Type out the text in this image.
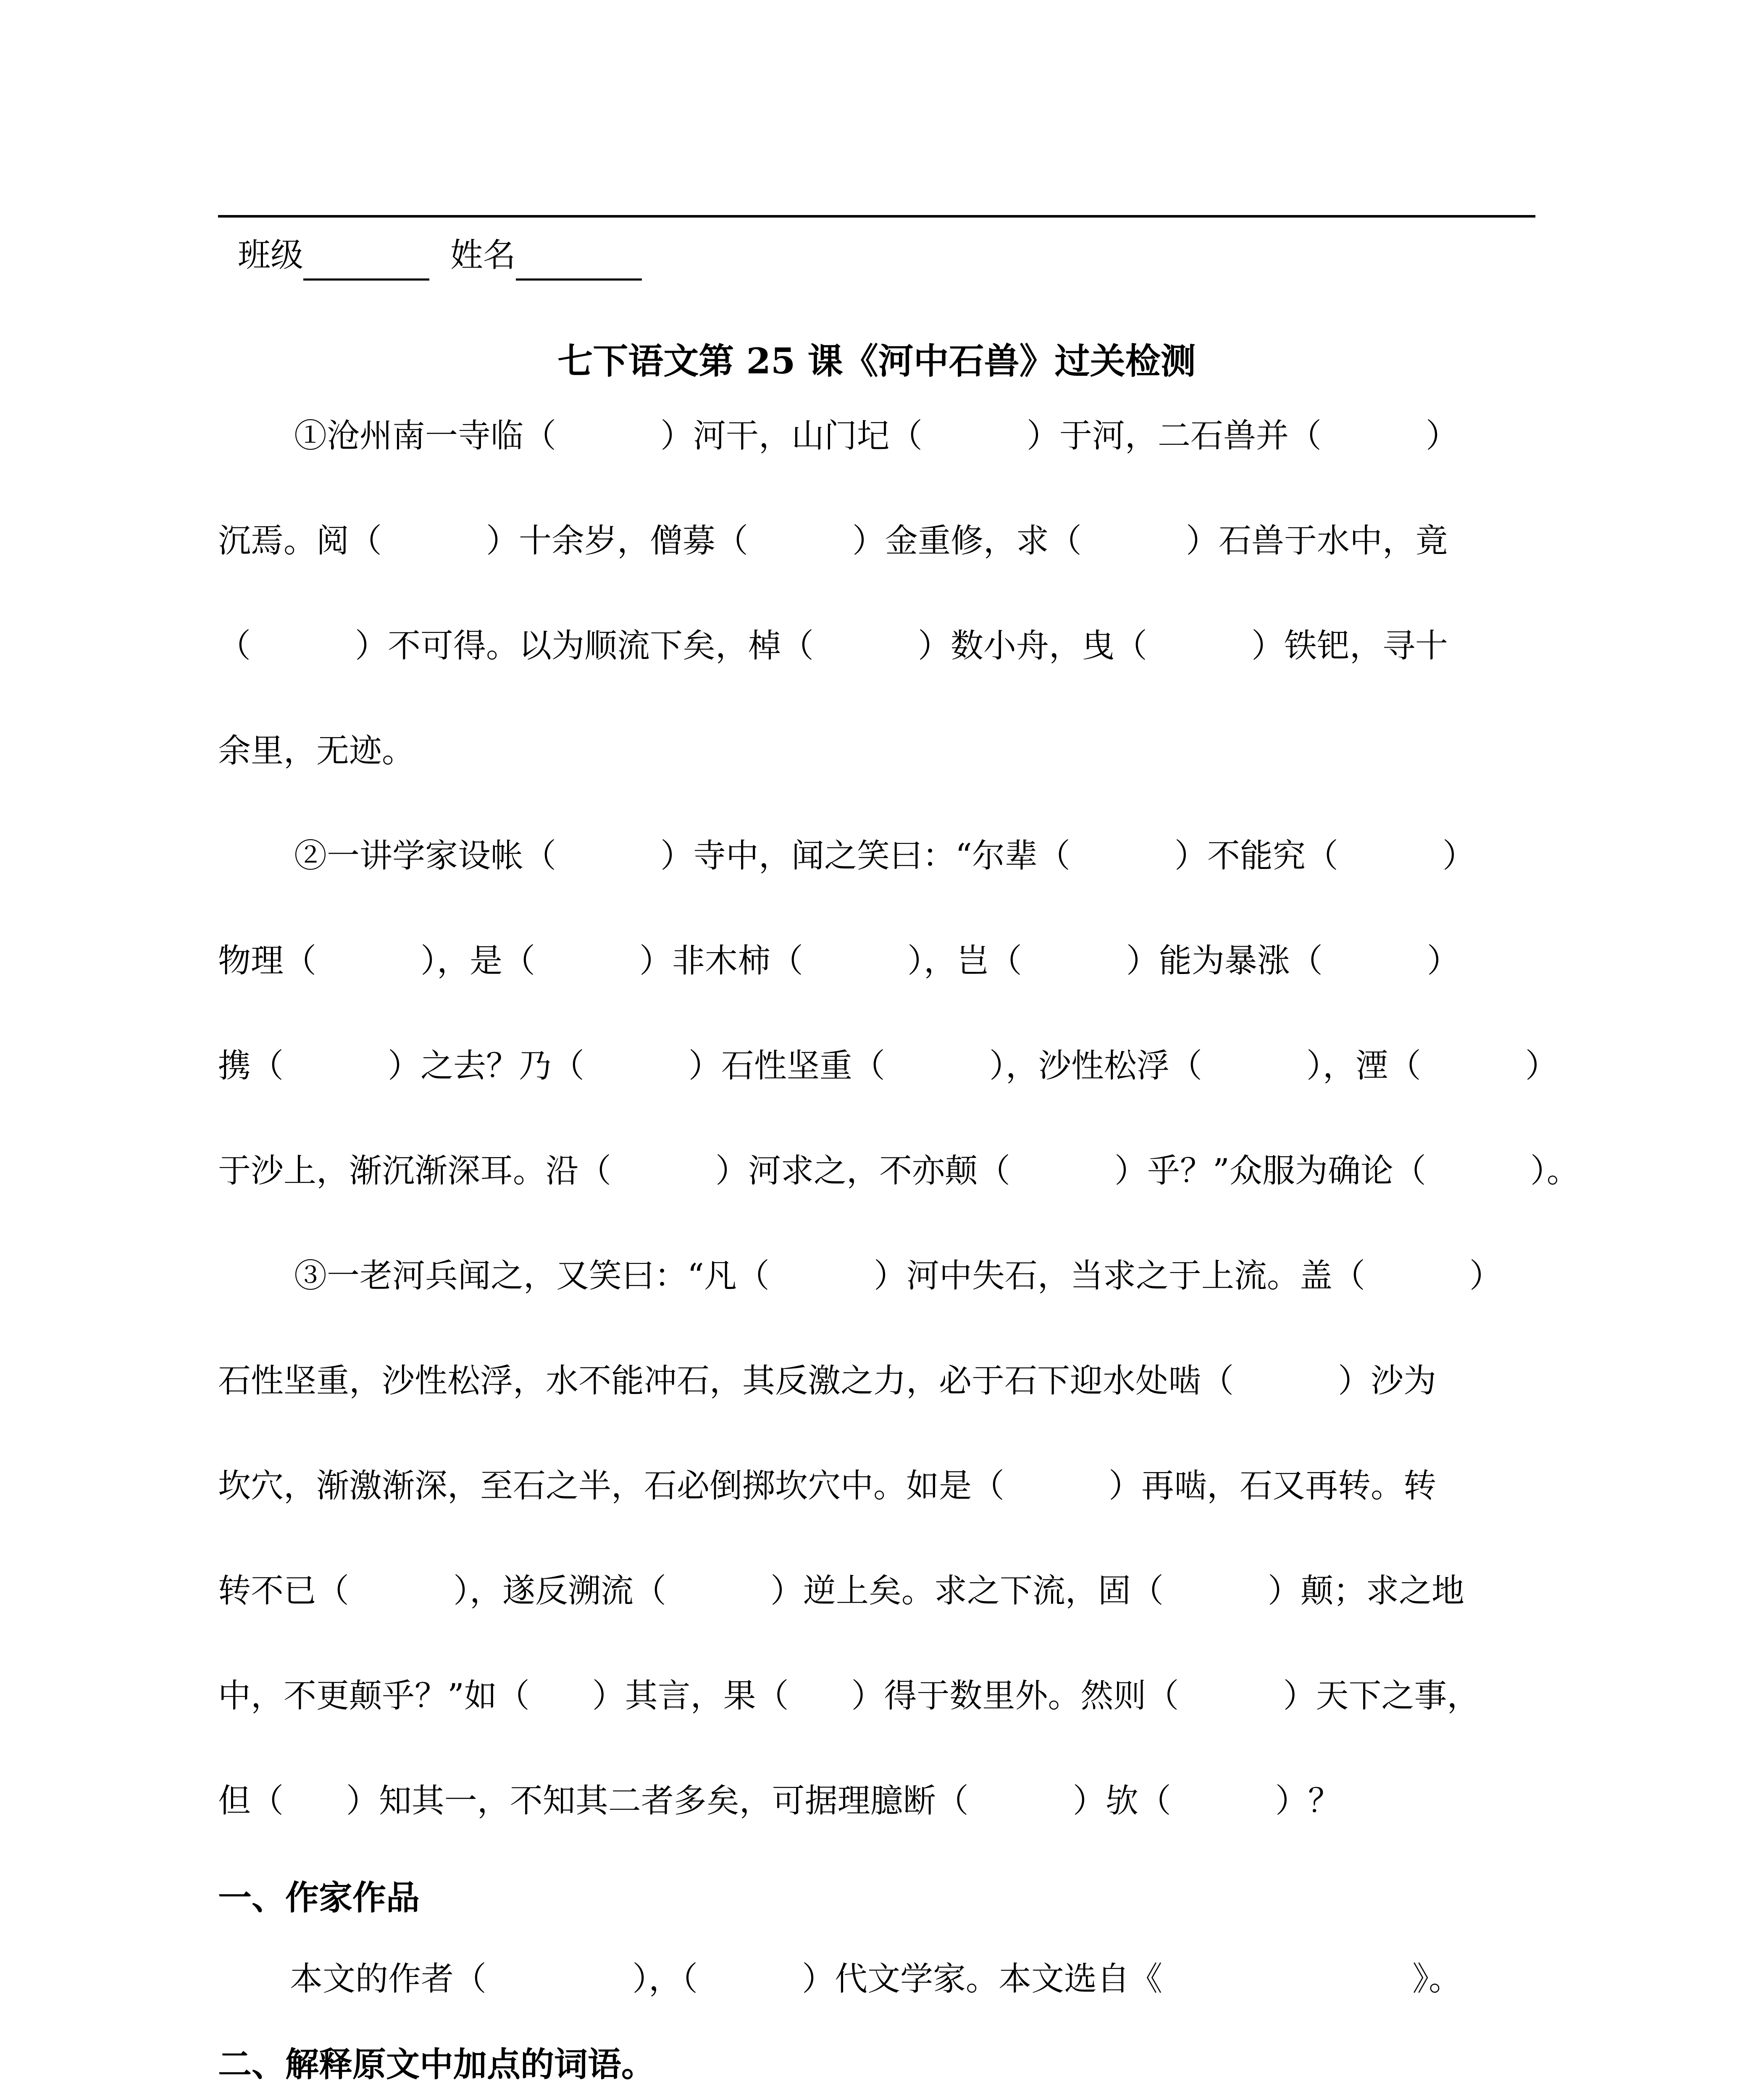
班级	姓名
七下语文第 25 课《河中石兽》过关检测
①沧州南一寺临（          ）河干，山门圮（          ）于河，二石兽并（          ）
沉焉。阅（          ）十余岁，僧募（          ）金重修，求（          ）石兽于水中，竟
（          ）不可得。以为顺流下矣，棹（          ）数小舟，曳（          ）铁钯，寻十
余里，无迹。
②一讲学家设帐（          ）寺中，闻之笑曰：“尔辈（          ）不能究（          ）
物理（          ），是（          ）非木柿（          ），岂（          ）能为暴涨（          ）
携（          ）之去？乃（          ）石性坚重（          ），沙性松浮（          ），湮（          ）
于沙上，渐沉渐深耳。沿（          ）河求之，不亦颠（          ）乎？”众服为确论（          ）。
③一老河兵闻之，又笑曰：“凡（          ）河中失石，当求之于上流。盖（          ）
石性坚重，沙性松浮，水不能冲石，其反激之力，必于石下迎水处啮（          ）沙为
坎穴，渐激渐深，至石之半，石必倒掷坎穴中。如是（          ）再啮，石又再转。转
转不已（          ），遂反溯流（          ）逆上矣。求之下流，固（          ）颠；求之地
中，不更颠乎？”如（      ）其言，果（      ）得于数里外。然则（          ）天下之事，
但（      ）知其一，不知其二者多矣，可据理臆断（          ）欤（          ）？
一、作家作品
本文的作者（              ），（          ）代文学家。本文选自《                        》。
二、解释原文中加点的词语。
